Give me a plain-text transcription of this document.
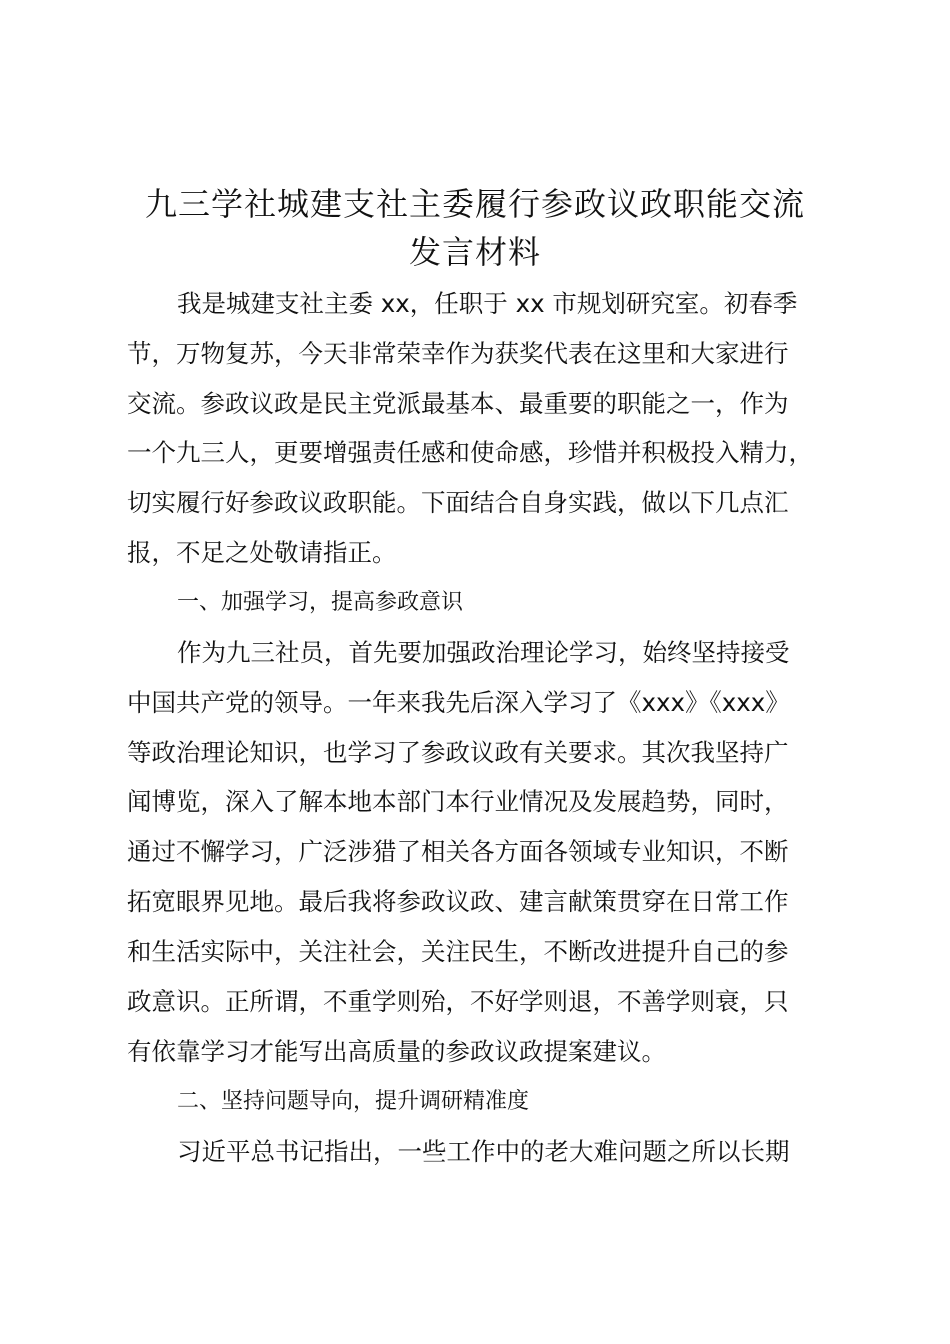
九三学社城建支社主委履行参政议政职能交流
发言材料
我是城建支社主委 xx，任职于 xx 市规划研究室。初春季
节，万物复苏，今天非常荣幸作为获奖代表在这里和大家进行
交流。参政议政是民主党派最基本、最重要的职能之一，作为
一个九三人，更要增强责任感和使命感，珍惜并积极投入精力，
切实履行好参政议政职能。下面结合自身实践，做以下几点汇
报，不足之处敬请指正。
一、加强学习，提高参政意识
作为九三社员，首先要加强政治理论学习，始终坚持接受
中国共产党的领导。一年来我先后深入学习了《xxx》《xxx》
等政治理论知识，也学习了参政议政有关要求。其次我坚持广
闻博览，深入了解本地本部门本行业情况及发展趋势，同时，
通过不懈学习，广泛涉猎了相关各方面各领域专业知识，不断
拓宽眼界见地。最后我将参政议政、建言献策贯穿在日常工作
和生活实际中，关注社会，关注民生，不断改进提升自己的参
政意识。正所谓，不重学则殆，不好学则退，不善学则衰，只
有依靠学习才能写出高质量的参政议政提案建议。
二、坚持问题导向，提升调研精准度
习近平总书记指出，一些工作中的老大难问题之所以长期
